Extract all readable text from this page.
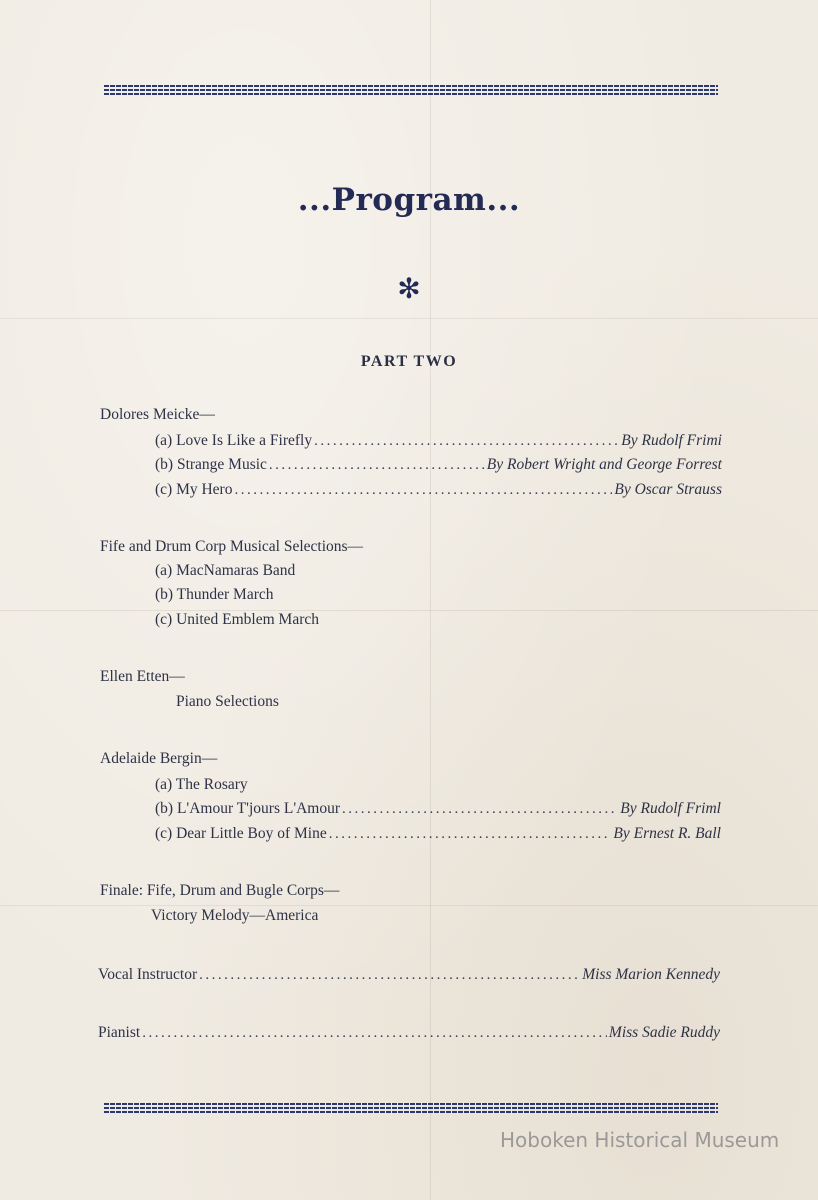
...Program...
✻
PART TWO
Dolores Meicke—
(a) Love Is Like a Firefly .....	By Rudolf Frimi
(b) Strange Music .....	By Robert Wright and George Forrest
(c) My Hero .....	By Oscar Strauss
Fife and Drum Corp Musical Selections—
(a) MacNamaras Band
(b) Thunder March
(c) United Emblem March
Ellen Etten—
Piano Selections
Adelaide Bergin—
(a) The Rosary
(b) L'Amour T'jours L'Amour .....	By Rudolf Friml
(c) Dear Little Boy of Mine .....	By Ernest R. Ball
Finale: Fife, Drum and Bugle Corps—
Victory Melody—America
Vocal Instructor .....	Miss Marion Kennedy
Pianist .....	Miss Sadie Ruddy
Hoboken Historical Museum
